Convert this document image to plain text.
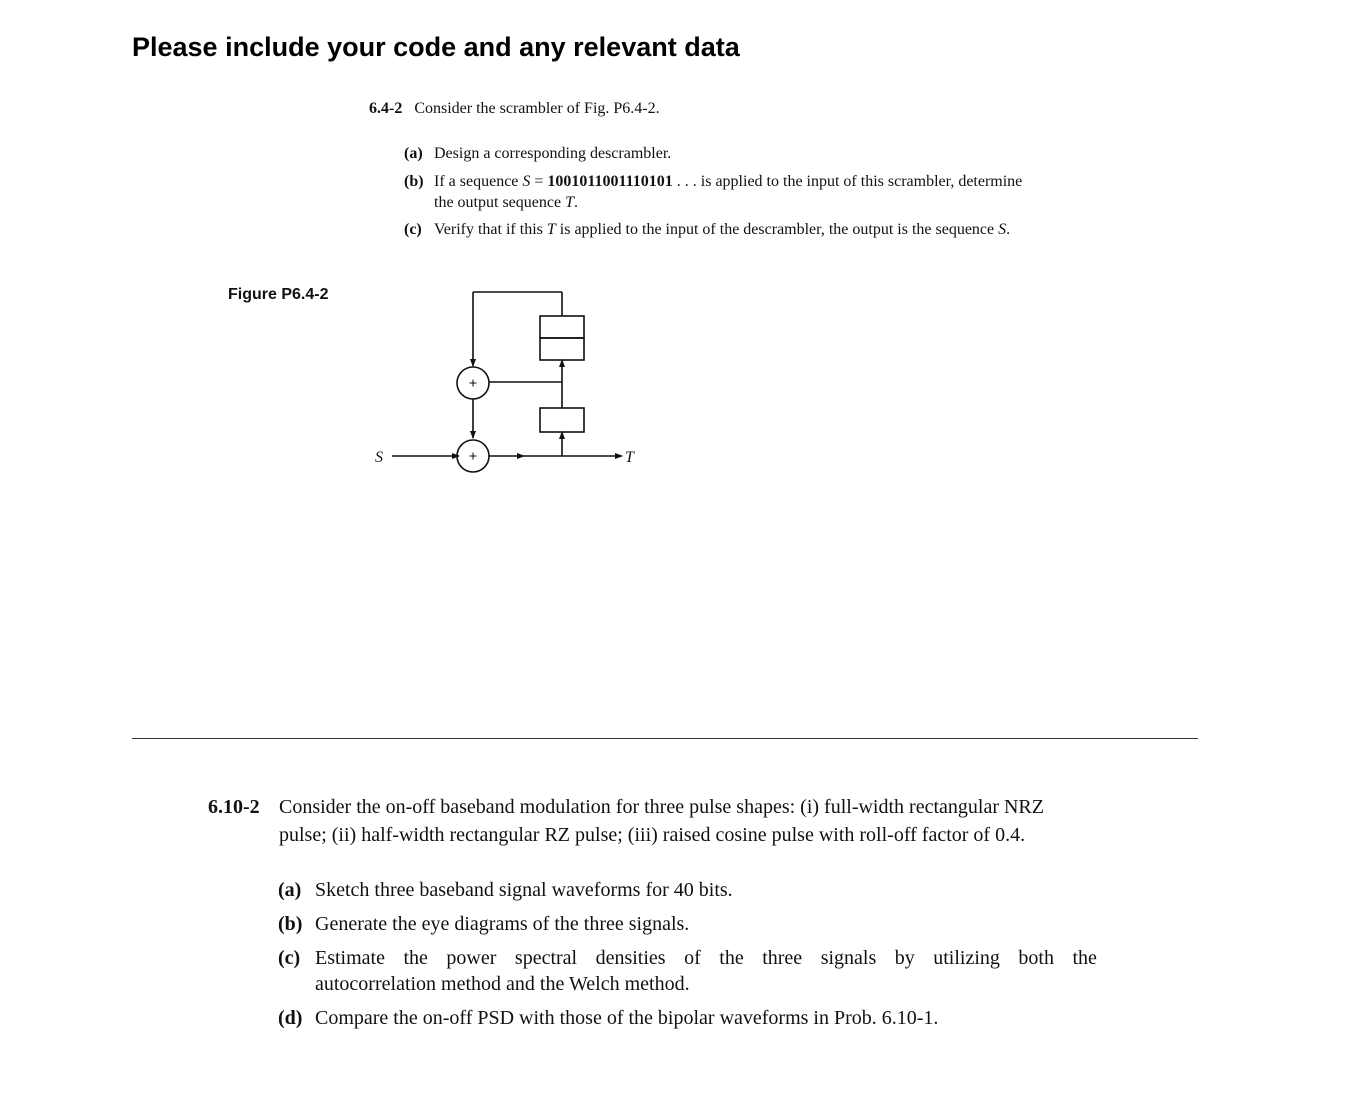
Please include your code and any relevant data
6.4-2 Consider the scrambler of Fig. P6.4-2.
(a) Design a corresponding descrambler.
(b) If a sequence S = 1001011001110101 . . . is applied to the input of this scrambler, determine
the output sequence T.
(c) Verify that if this T is applied to the input of the descrambler, the output is the sequence S.
Figure P6.4-2
+
+
S	T
6.10-2 Consider the on-off baseband modulation for three pulse shapes: (i) full-width rectangular NRZ
pulse; (ii) half-width rectangular RZ pulse; (iii) raised cosine pulse with roll-off factor of 0.4.
(a) Sketch three baseband signal waveforms for 40 bits.
(b) Generate the eye diagrams of the three signals.
(c) Estimate the power spectral densities of the three signals by utilizing both the
autocorrelation method and the Welch method.
(d) Compare the on-off PSD with those of the bipolar waveforms in Prob. 6.10-1.
